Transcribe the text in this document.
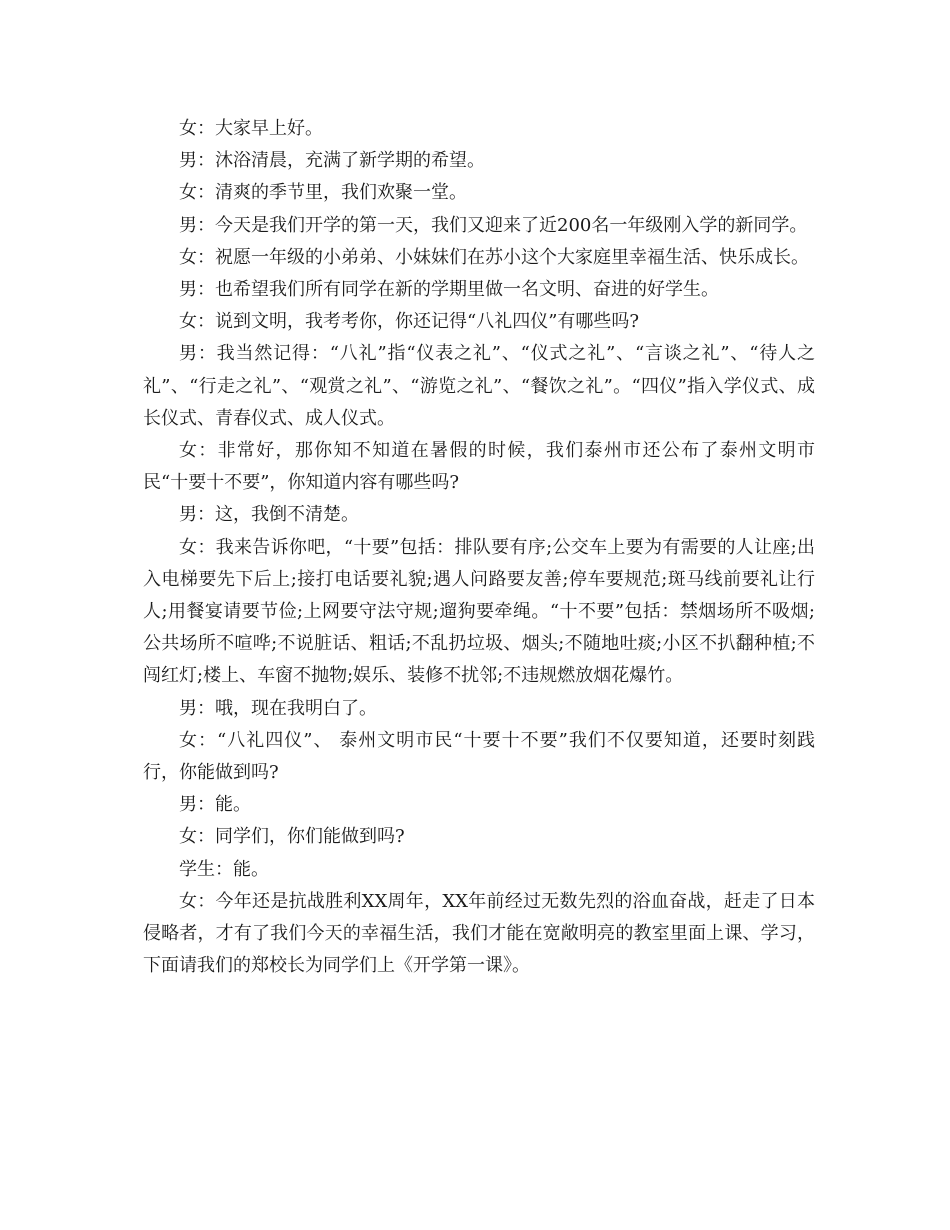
女：大家早上好。

男：沐浴清晨，充满了新学期的希望。

女：清爽的季节里，我们欢聚一堂。

男：今天是我们开学的第一天，我们又迎来了近200名一年级刚入学的新同学。

女：祝愿一年级的小弟弟、小妹妹们在苏小这个大家庭里幸福生活、快乐成长。

男：也希望我们所有同学在新的学期里做一名文明、奋进的好学生。

女：说到文明，我考考你，你还记得“八礼四仪”有哪些吗?

男：我当然记得：“八礼”指“仪表之礼”、“仪式之礼”、“言谈之礼”、“待人之礼”、“行走之礼”、“观赏之礼”、“游览之礼”、“餐饮之礼”。“四仪”指入学仪式、成长仪式、青春仪式、成人仪式。

女：非常好，那你知不知道在暑假的时候，我们泰州市还公布了泰州文明市民“十要十不要”，你知道内容有哪些吗?

男：这，我倒不清楚。

女：我来告诉你吧，“十要”包括：排队要有序;公交车上要为有需要的人让座;出入电梯要先下后上;接打电话要礼貌;遇人问路要友善;停车要规范;斑马线前要礼让行人;用餐宴请要节俭;上网要守法守规;遛狗要牵绳。“十不要”包括：禁烟场所不吸烟;公共场所不喧哗;不说脏话、粗话;不乱扔垃圾、烟头;不随地吐痰;小区不扒翻种植;不闯红灯;楼上、车窗不抛物;娱乐、装修不扰邻;不违规燃放烟花爆竹。

男：哦，现在我明白了。

女：“八礼四仪”、 泰州文明市民“十要十不要”我们不仅要知道，还要时刻践行，你能做到吗?

男：能。

女：同学们，你们能做到吗?

学生：能。

女：今年还是抗战胜利XX周年，XX年前经过无数先烈的浴血奋战，赶走了日本侵略者，才有了我们今天的幸福生活，我们才能在宽敞明亮的教室里面上课、学习，下面请我们的郑校长为同学们上《开学第一课》。
